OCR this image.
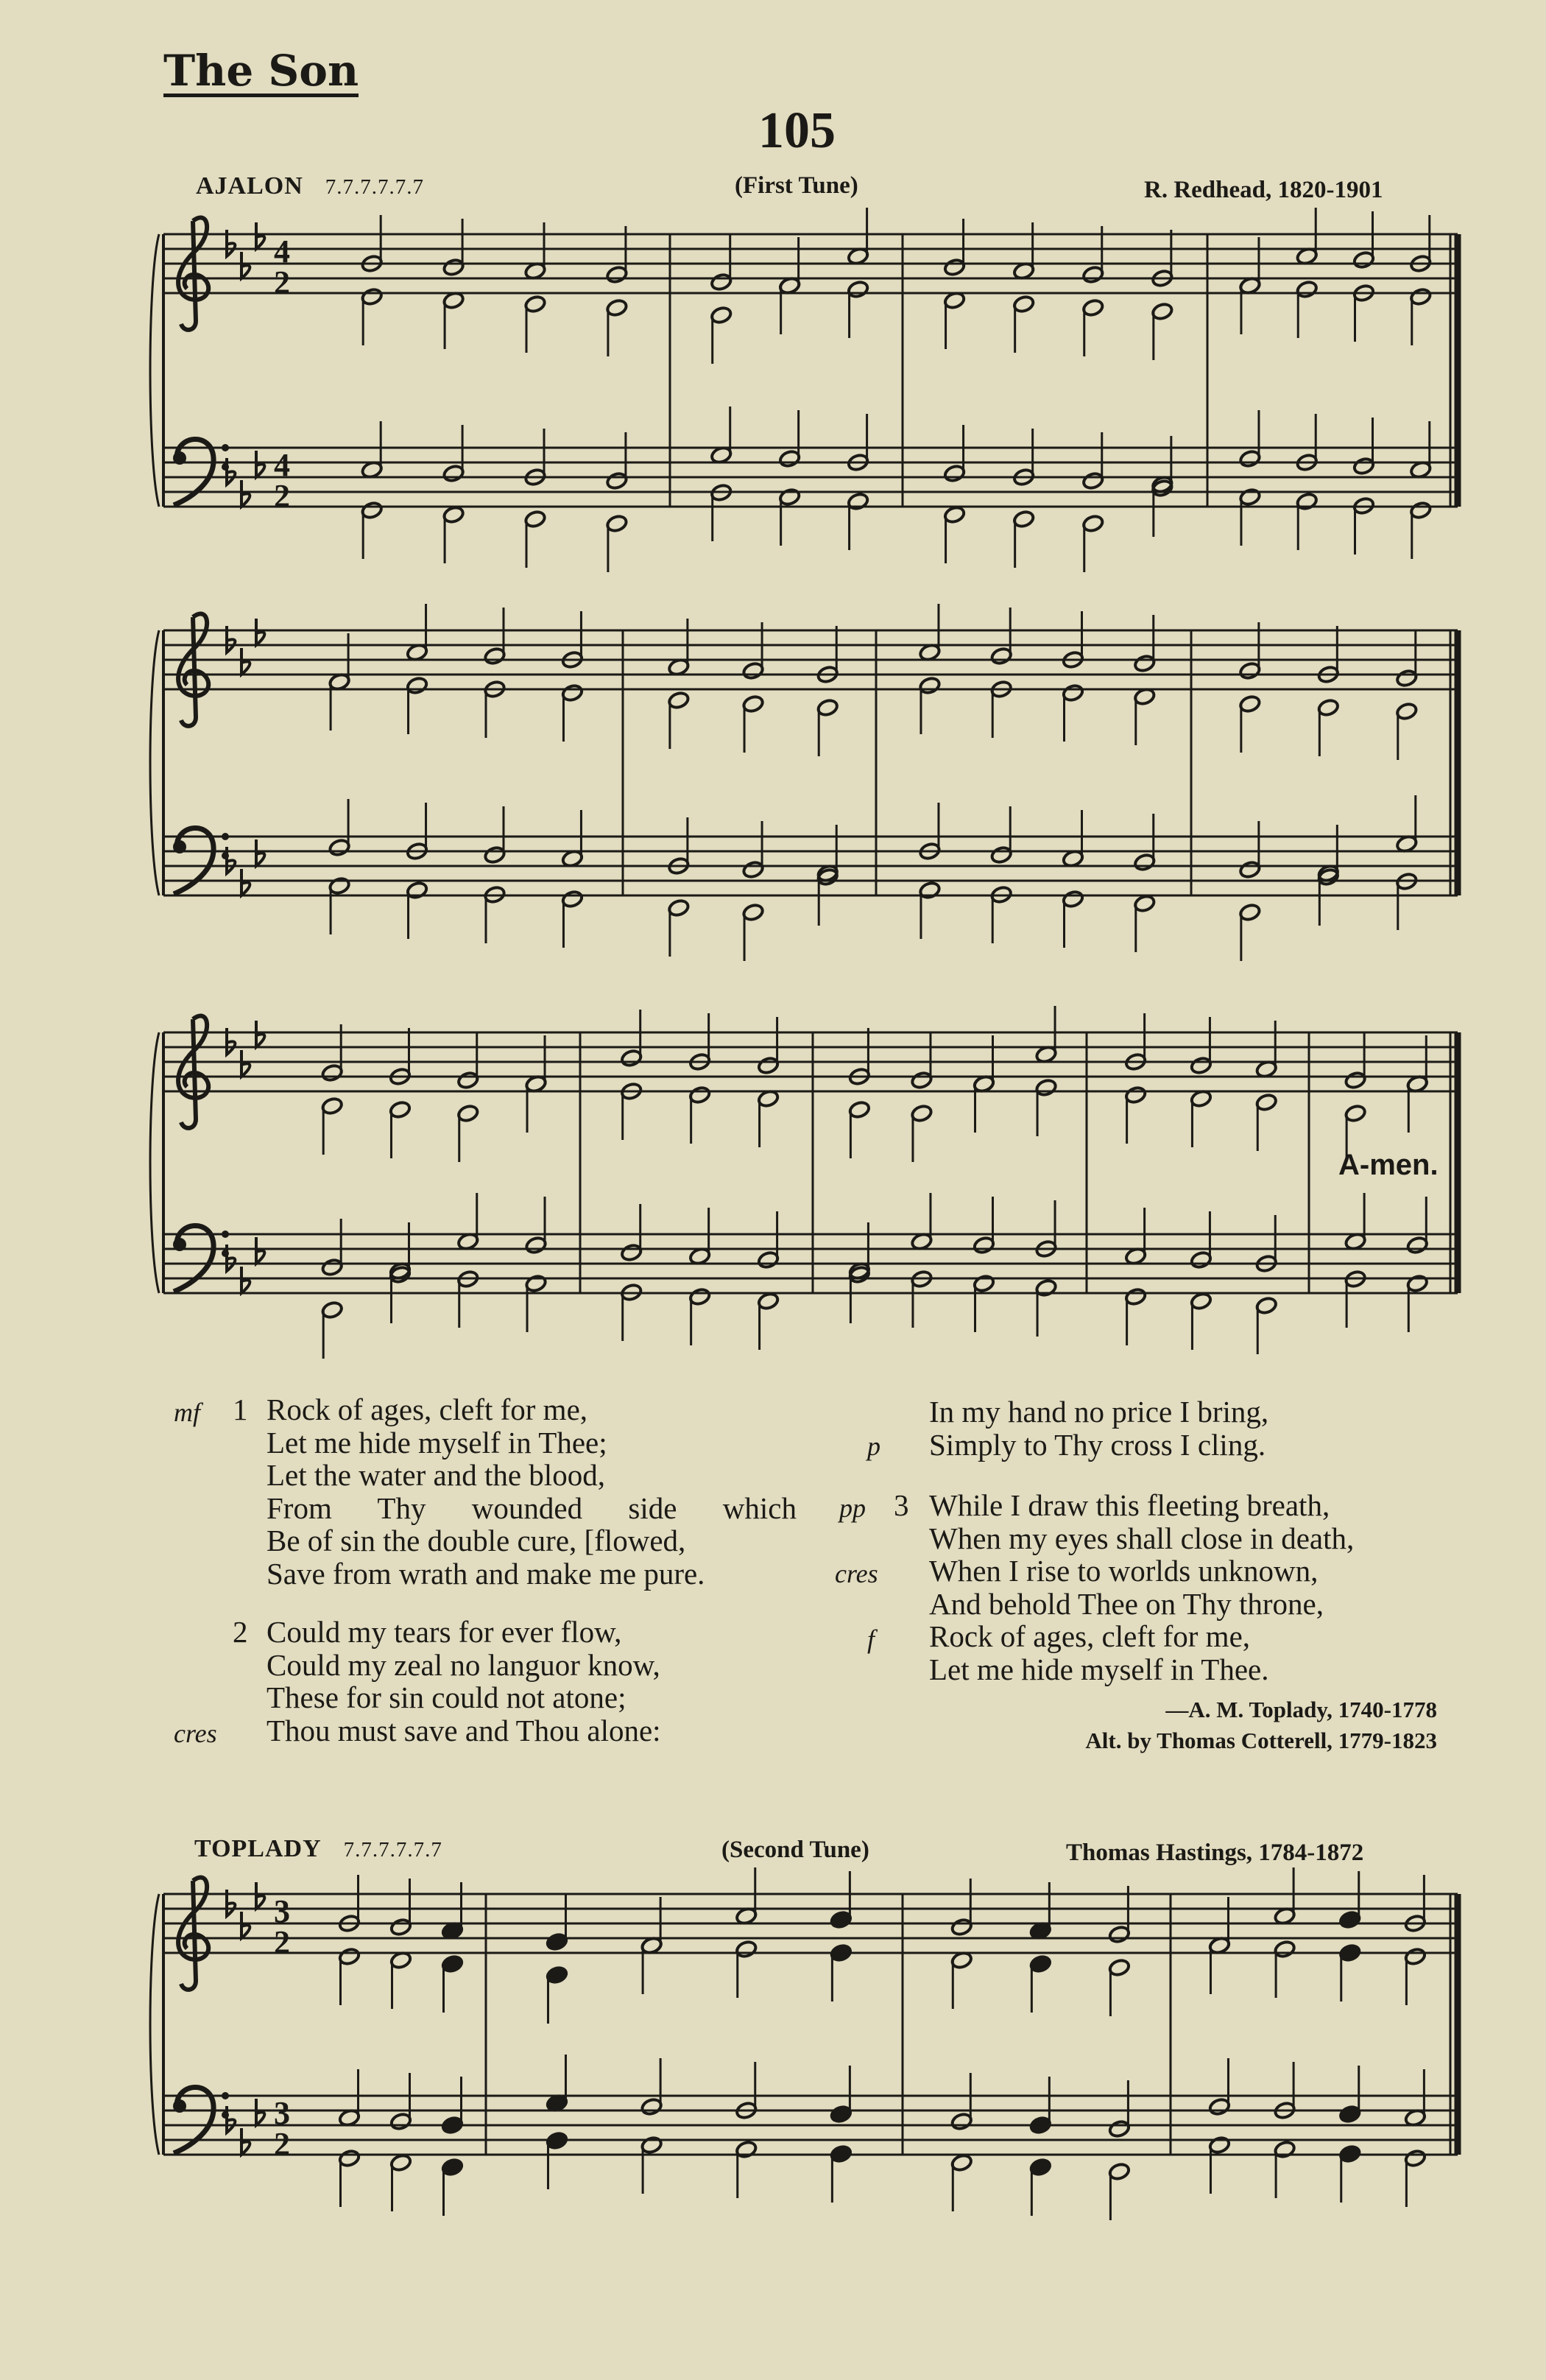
The Son
105
AJALON 7.7.7.7.7.7	(First Tune)	R. Redhead, 1820-1901
4
2
4
2
3
2
3
2
A-men.
mf 1 Rock of ages, cleft for me,
Let me hide myself in Thee;
Let the water and the blood,
From Thy wounded side which
Be of sin the double cure, [flowed,
Save from wrath and make me pure.
2 Could my tears for ever flow,
Could my zeal no languor know,
These for sin could not atone;
cres Thou must save and Thou alone:
In my hand no price I bring,
p Simply to Thy cross I cling.
pp 3 While I draw this fleeting breath,
When my eyes shall close in death,
cres When I rise to worlds unknown,
And behold Thee on Thy throne,
f Rock of ages, cleft for me,
Let me hide myself in Thee.
—A. M. Toplady, 1740-1778
Alt. by Thomas Cotterell, 1779-1823
TOPLADY 7.7.7.7.7.7	(Second Tune)	Thomas Hastings, 1784-1872
